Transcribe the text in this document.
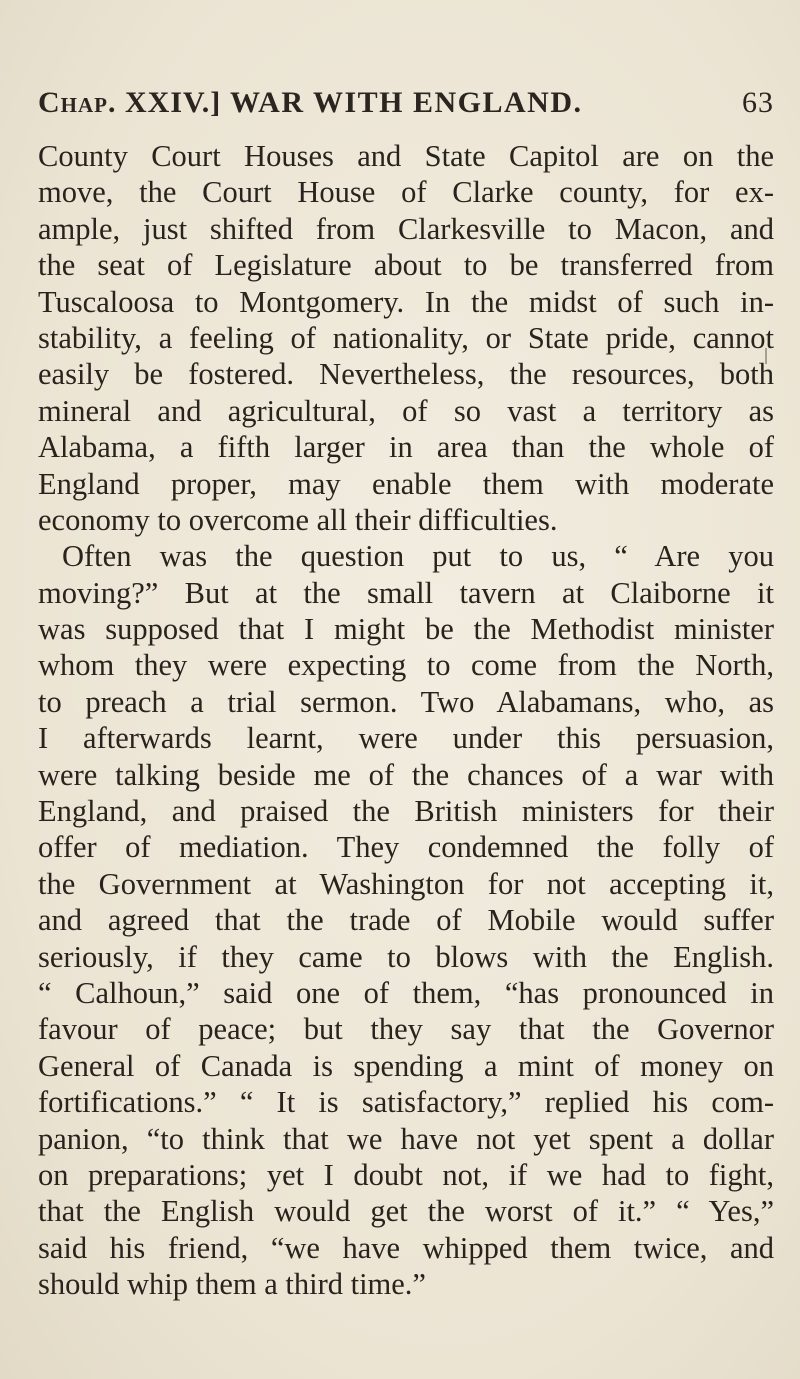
Chap. XXIV.] WAR WITH ENGLAND.	63
County Court Houses and State Capitol are on the
move, the Court House of Clarke county, for ex-
ample, just shifted from Clarkesville to Macon, and
the seat of Legislature about to be transferred from
Tuscaloosa to Montgomery. In the midst of such in-
stability, a feeling of nationality, or State pride, cannot
easily be fostered. Nevertheless, the resources, both
mineral and agricultural, of so vast a territory as
Alabama, a fifth larger in area than the whole of
England proper, may enable them with moderate
economy to overcome all their difficulties.
Often was the question put to us, “ Are you
moving?” But at the small tavern at Claiborne it
was supposed that I might be the Methodist minister
whom they were expecting to come from the North,
to preach a trial sermon. Two Alabamans, who, as
I afterwards learnt, were under this persuasion,
were talking beside me of the chances of a war with
England, and praised the British ministers for their
offer of mediation. They condemned the folly of
the Government at Washington for not accepting it,
and agreed that the trade of Mobile would suffer
seriously, if they came to blows with the English.
“ Calhoun,” said one of them, “has pronounced in
favour of peace; but they say that the Governor
General of Canada is spending a mint of money on
fortifications.” “ It is satisfactory,” replied his com-
panion, “to think that we have not yet spent a dollar
on preparations; yet I doubt not, if we had to fight,
that the English would get the worst of it.” “ Yes,”
said his friend, “we have whipped them twice, and
should whip them a third time.”
